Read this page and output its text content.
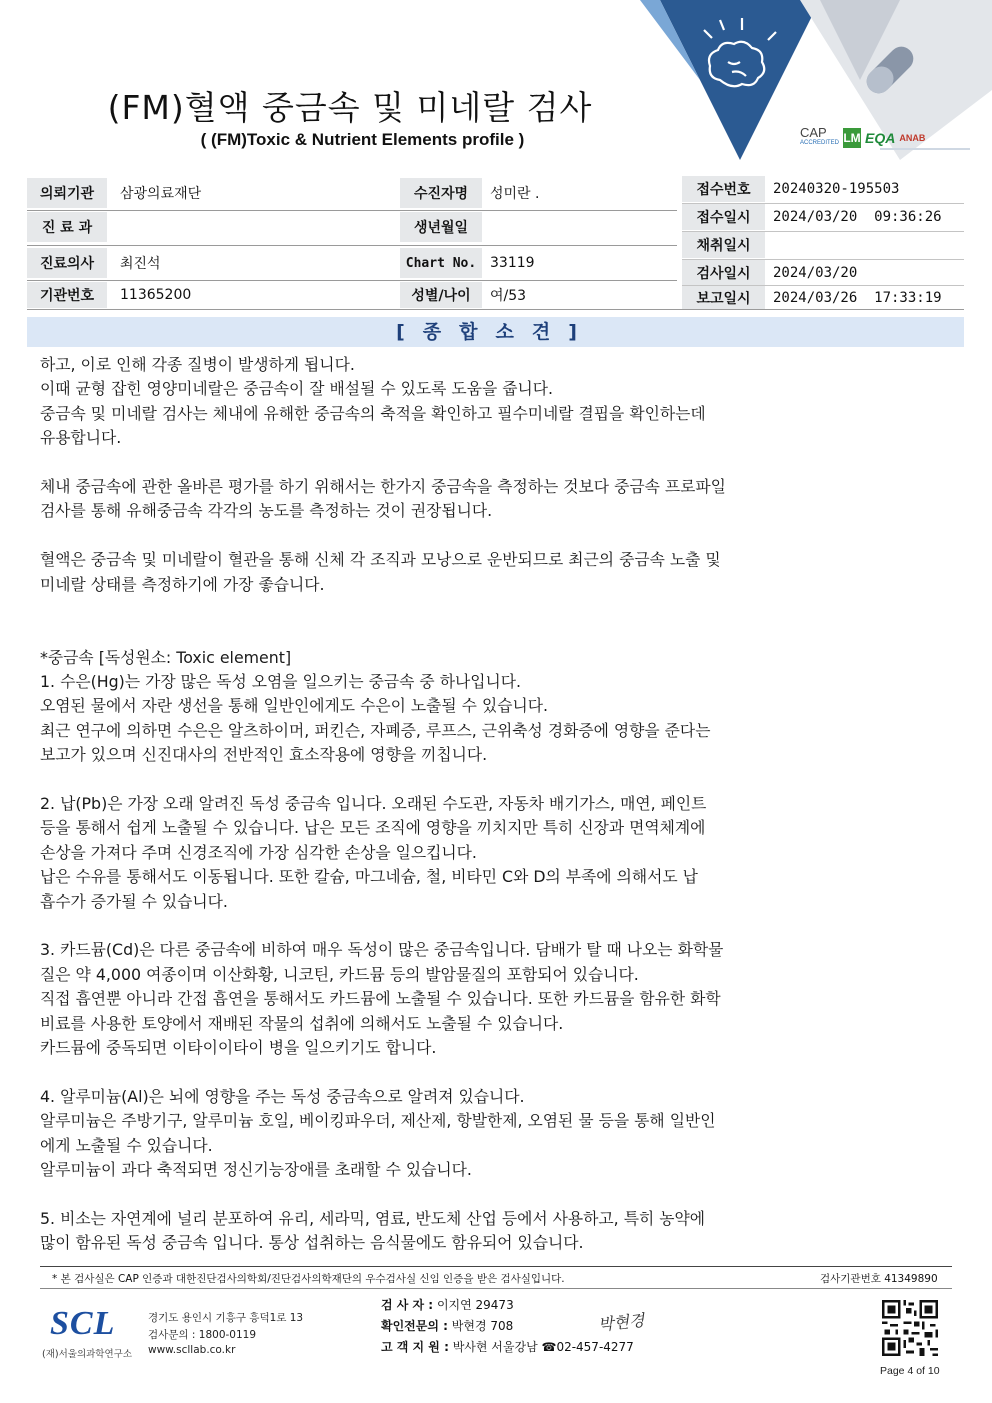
(FM)혈액 중금속 및 미네랄 검사
( (FM)Toxic & Nutrient Elements profile )	CAP
ACCREDITED LM EQA ANAB
의뢰기관	삼광의료재단
진 료 과
진료의사	최진석
기관번호	11365200
수진자명	성미란 .
생년월일
Chart No. 33119
성별/나이	여/53
접수번호	20240320-195503
접수일시	2024/03/20  09:36:26
채취일시
검사일시	2024/03/20
보고일시	2024/03/26  17:33:19
[종합소견]
하고, 이로 인해 각종 질병이 발생하게 됩니다.
이때 균형 잡힌 영양미네랄은 중금속이 잘 배설될 수 있도록 도움을 줍니다.
중금속 및 미네랄 검사는 체내에 유해한 중금속의 축적을 확인하고 필수미네랄 결핍을 확인하는데
유용합니다.
체내 중금속에 관한 올바른 평가를 하기 위해서는 한가지 중금속을 측정하는 것보다 중금속 프로파일
검사를 통해 유해중금속 각각의 농도를 측정하는 것이 권장됩니다.
혈액은 중금속 및 미네랄이 혈관을 통해 신체 각 조직과 모낭으로 운반되므로 최근의 중금속 노출 및
미네랄 상태를 측정하기에 가장 좋습니다.
*중금속 [독성원소: Toxic element]
1. 수은(Hg)는 가장 많은 독성 오염을 일으키는 중금속 중 하나입니다.
오염된 물에서 자란 생선을 통해 일반인에게도 수은이 노출될 수 있습니다.
최근 연구에 의하면 수은은 알츠하이머, 퍼킨슨, 자폐증, 루프스, 근위축성 경화증에 영향을 준다는
보고가 있으며 신진대사의 전반적인 효소작용에 영향을 끼칩니다.
2. 납(Pb)은 가장 오래 알려진 독성 중금속 입니다. 오래된 수도관, 자동차 배기가스, 매연, 페인트
등을 통해서 쉽게 노출될 수 있습니다. 납은 모든 조직에 영향을 끼치지만 특히 신장과 면역체계에
손상을 가져다 주며 신경조직에 가장 심각한 손상을 일으킵니다.
납은 수유를 통해서도 이동됩니다. 또한 칼슘, 마그네슘, 철, 비타민 C와 D의 부족에 의해서도 납
흡수가 증가될 수 있습니다.
3. 카드뮴(Cd)은 다른 중금속에 비하여 매우 독성이 많은 중금속입니다. 담배가 탈 때 나오는 화학물
질은 약 4,000 여종이며 이산화황, 니코틴, 카드뮴 등의 발암물질의 포함되어 있습니다.
직접 흡연뿐 아니라 간접 흡연을 통해서도 카드뮴에 노출될 수 있습니다. 또한 카드뮴을 함유한 화학
비료를 사용한 토양에서 재배된 작물의 섭취에 의해서도 노출될 수 있습니다.
카드뮴에 중독되면 이타이이타이 병을 일으키기도 합니다.
4. 알루미늄(Al)은 뇌에 영향을 주는 독성 중금속으로 알려져 있습니다.
알루미늄은 주방기구, 알루미늄 호일, 베이킹파우더, 제산제, 항발한제, 오염된 물 등을 통해 일반인
에게 노출될 수 있습니다.
알루미늄이 과다 축적되면 정신기능장애를 초래할 수 있습니다.
5. 비소는 자연계에 널리 분포하여 유리, 세라믹, 염료, 반도체 산업 등에서 사용하고, 특히 농약에
많이 함유된 독성 중금속 입니다. 통상 섭취하는 음식물에도 함유되어 있습니다.
* 본 검사실은 CAP 인증과 대한진단검사의학회/진단검사의학재단의 우수검사실 신임 인증을 받은 검사실입니다.	검사기관번호 41349890
SCL
(재)서울의과학연구소
경기도 용인시 기흥구 흥덕1로 13
검사문의 : 1800-0119
www.scllab.co.kr
검 사 자 : 이지연 29473
확인전문의 : 박현경 708
고 객 지 원 : 박사현 서울강남 ☎02-457-4277
박현경
Page 4 of 10
